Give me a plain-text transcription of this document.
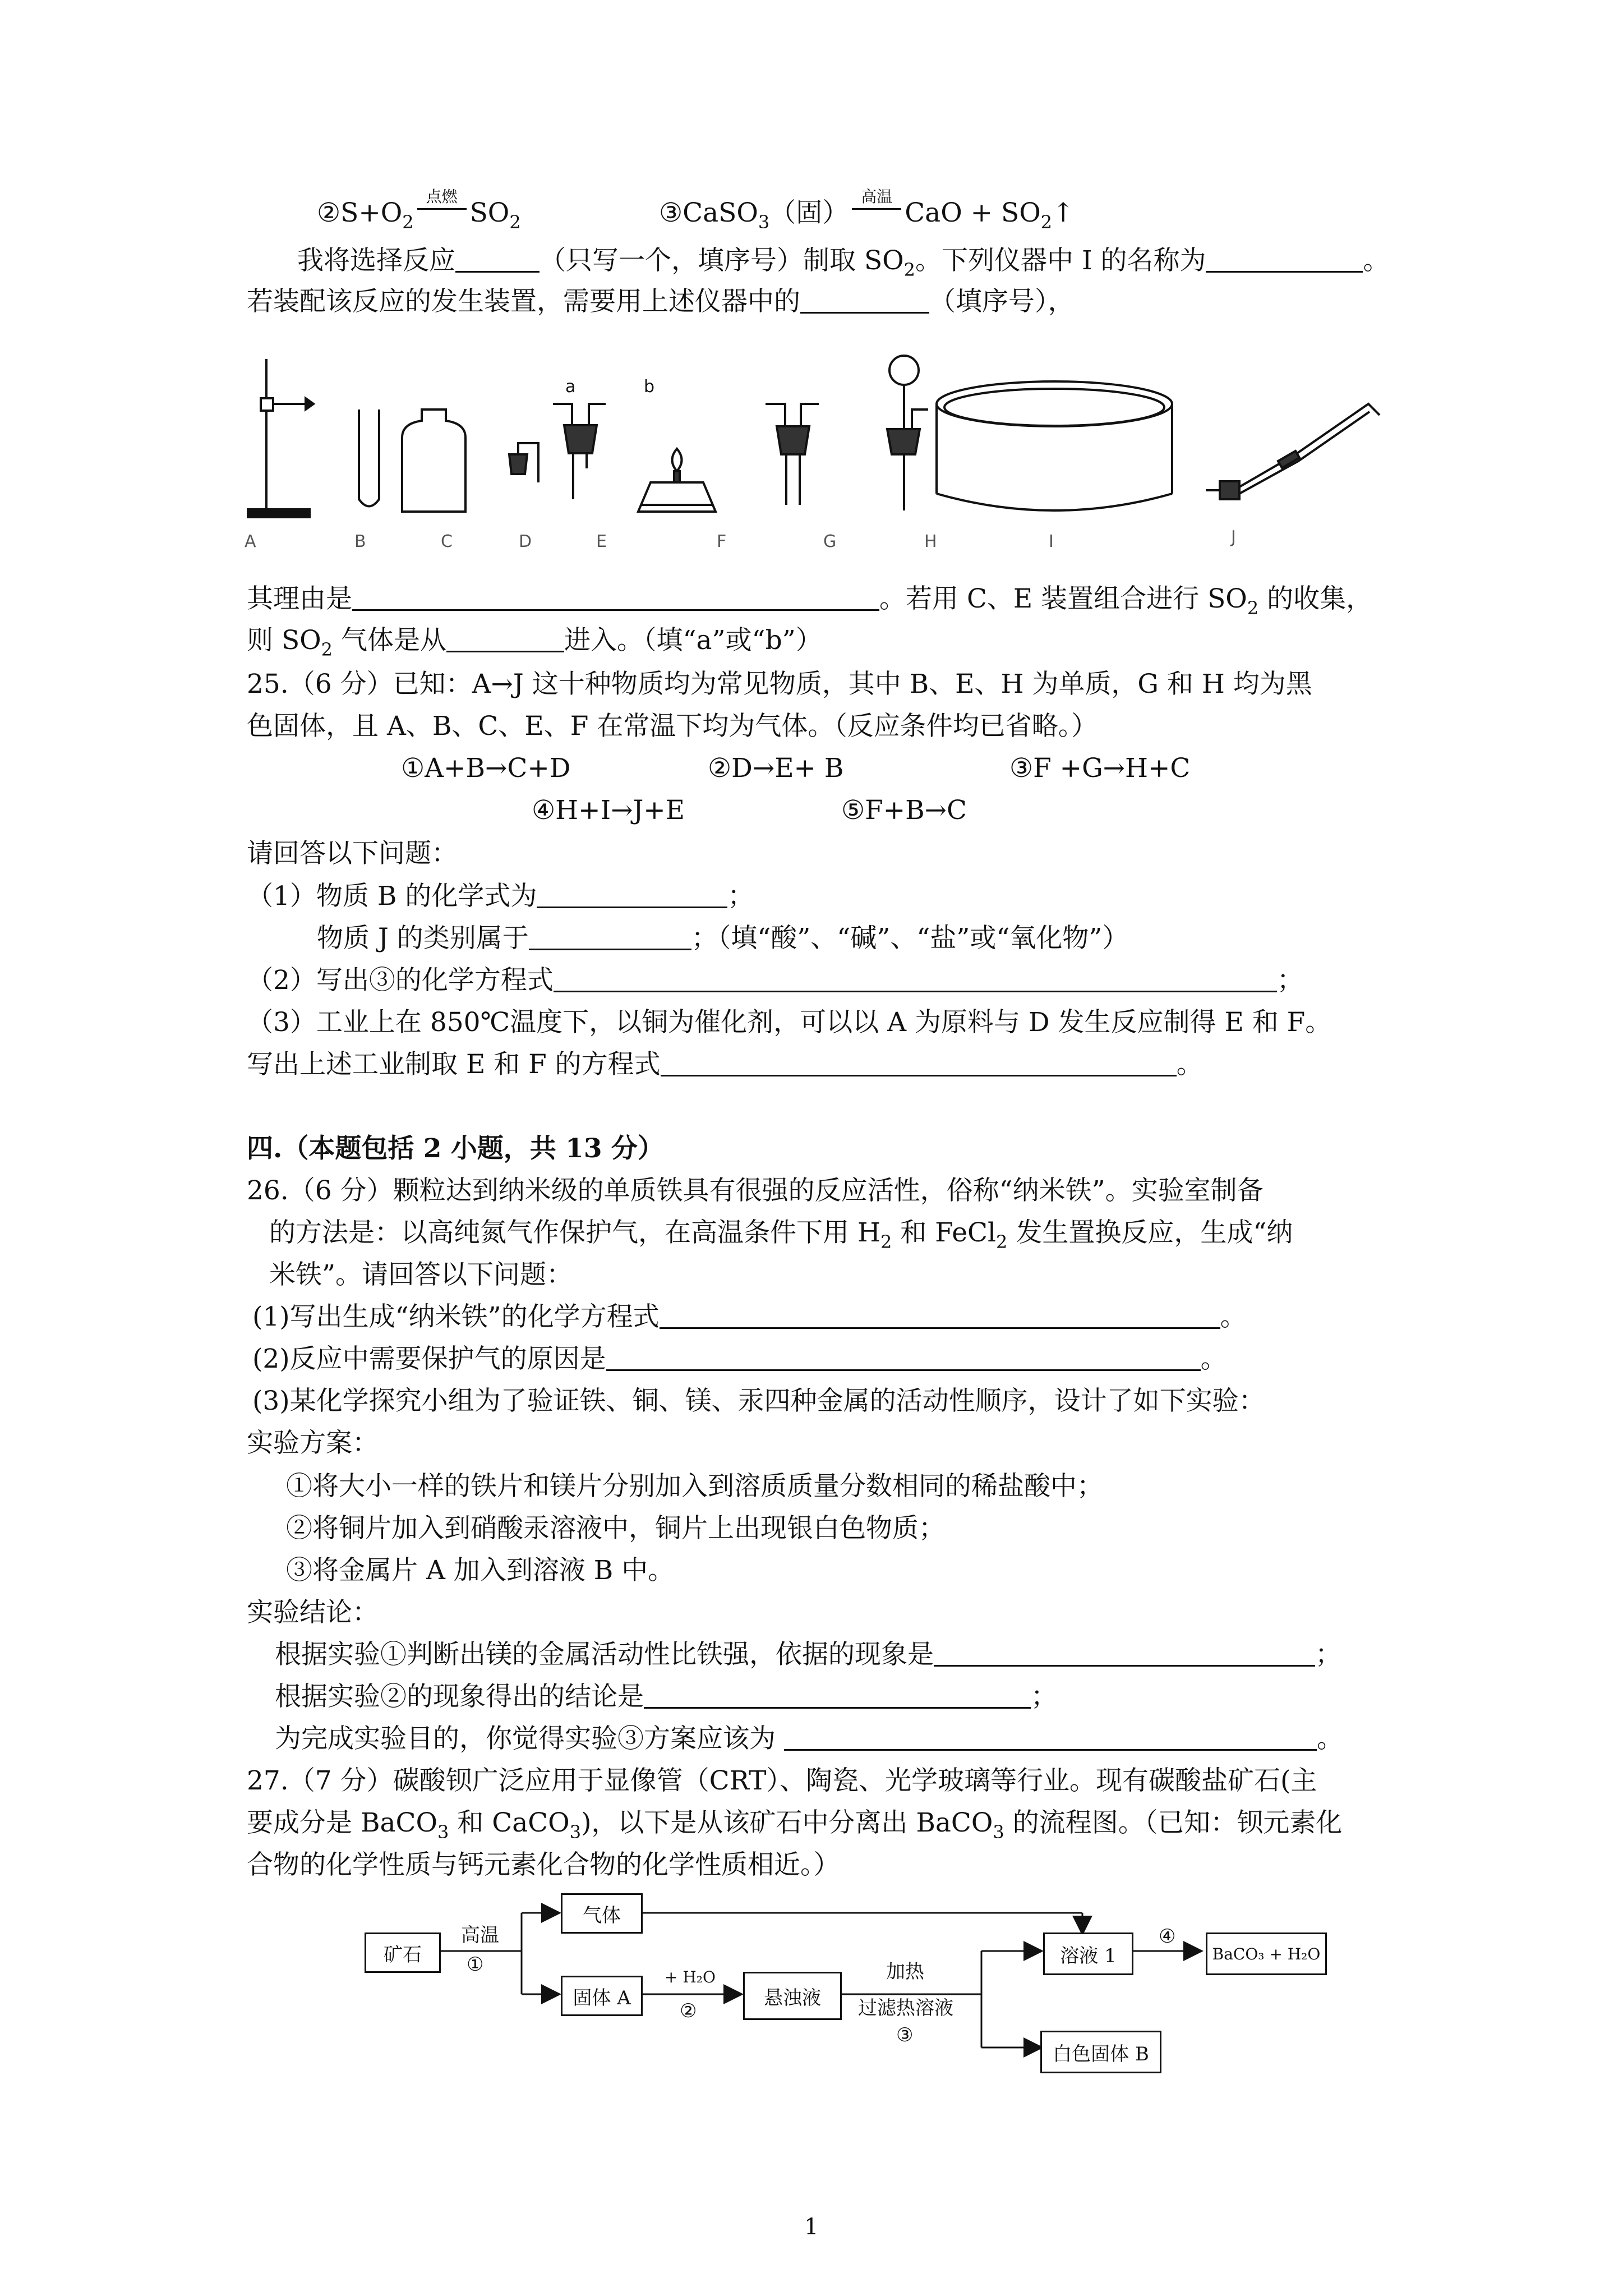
$②S+O_2$
点燃
$SO_2$	③CaSO$_3$（固）
高温
CaO + $SO_2↑$
我将选择反应	（只写一个，填序号）制取 $SO_2$。下列仪器中 I 的名称为	。
若装配该反应的发生装置，需要用上述仪器中的	（填序号），
A	B	C	D	E	F	G	H	I	J
a	b
其理由是	。若用 C、E 装置组合进行 $SO_2$ 的收集，
则 $SO_2$ 气体是从	进入。（填“a”或“b”）
25.（6 分）已知：A→J 这十种物质均为常见物质，其中 B、E、H 为单质，G 和 H 均为黑
色固体，且 A、B、C、E、F 在常温下均为气体。（反应条件均已省略。）
①A+B→C+D	②D→E+ B	③F +G→H+C
④H+I→J+E	⑤F+B→C
请回答以下问题：
（1）物质 B 的化学式为	；
物质 J 的类别属于	；（填“酸”、“碱”、“盐”或“氧化物”）
（2）写出③的化学方程式	；
（3）工业上在 850℃温度下，以铜为催化剂，可以以 A 为原料与 D 发生反应制得 E 和 F。
写出上述工业制取 E 和 F 的方程式	。
四.（本题包括 2 小题，共 13 分）
26.（6 分）颗粒达到纳米级的单质铁具有很强的反应活性，俗称“纳米铁”。实验室制备
的方法是：以高纯氮气作保护气，在高温条件下用 $H_2$ 和 FeCl$_2$ 发生置换反应，生成“纳
米铁”。请回答以下问题：
(1)写出生成“纳米铁”的化学方程式	。
(2)反应中需要保护气的原因是	。
(3)某化学探究小组为了验证铁、铜、镁、汞四种金属的活动性顺序，设计了如下实验：
实验方案：
①将大小一样的铁片和镁片分别加入到溶质质量分数相同的稀盐酸中；
②将铜片加入到硝酸汞溶液中，铜片上出现银白色物质；
③将金属片 A 加入到溶液 B 中。
实验结论：
根据实验①判断出镁的金属活动性比铁强，依据的现象是	；
根据实验②的现象得出的结论是	；
为完成实验目的，你觉得实验③方案应该为	。
27.（7 分）碳酸钡广泛应用于显像管（CRT）、陶瓷、光学玻璃等行业。现有碳酸盐矿石(主
要成分是 BaCO$_3$ 和 CaCO$_3$)，以下是从该矿石中分离出 BaCO$_3$ 的流程图。（已知：钡元素化
合物的化学性质与钙元素化合物的化学性质相近。）
矿石
气体
固体 A	悬浊液
溶液 1	BaCO₃ + H₂O
白色固体 B
高温
①
+ H₂O
②
加热
过滤热溶液
③
④
1
